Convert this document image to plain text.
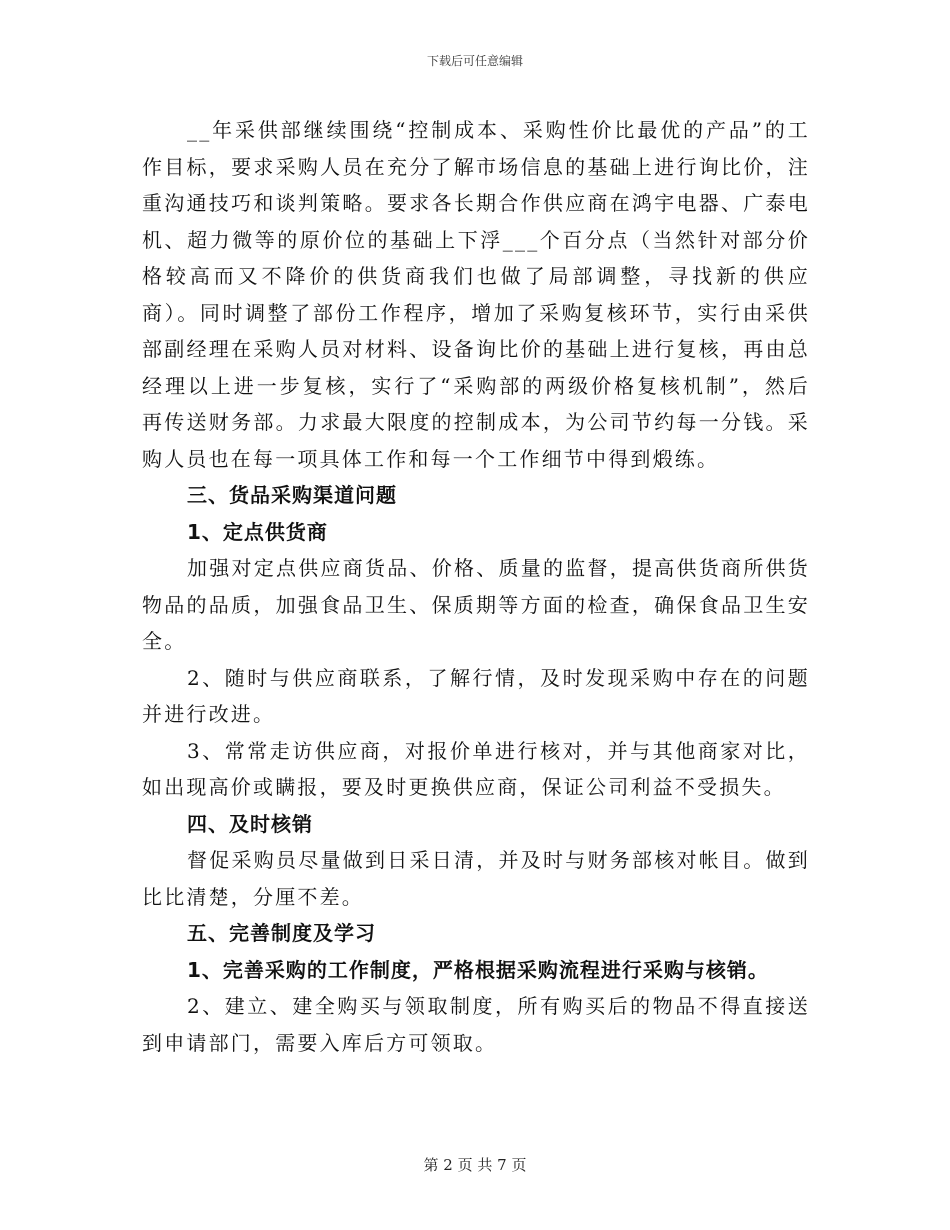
下载后可任意编辑

__年采供部继续围绕“控制成本、采购性价比最优的产品”的工作目标，要求采购人员在充分了解市场信息的基础上进行询比价，注重沟通技巧和谈判策略。要求各长期合作供应商在鸿宇电器、广泰电机、超力微等的原价位的基础上下浮___个百分点（当然针对部分价格较高而又不降价的供货商我们也做了局部调整，寻找新的供应商）。同时调整了部份工作程序，增加了采购复核环节，实行由采供部副经理在采购人员对材料、设备询比价的基础上进行复核，再由总经理以上进一步复核，实行了“采购部的两级价格复核机制”，然后再传送财务部。力求最大限度的控制成本，为公司节约每一分钱。采购人员也在每一项具体工作和每一个工作细节中得到煅练。

三、货品采购渠道问题

1、定点供货商

加强对定点供应商货品、价格、质量的监督，提高供货商所供货物品的品质，加强食品卫生、保质期等方面的检查，确保食品卫生安全。

2、随时与供应商联系，了解行情，及时发现采购中存在的问题并进行改进。

3、常常走访供应商，对报价单进行核对，并与其他商家对比，如出现高价或瞒报，要及时更换供应商，保证公司利益不受损失。

四、及时核销

督促采购员尽量做到日采日清，并及时与财务部核对帐目。做到比比清楚，分厘不差。

五、完善制度及学习

1、完善采购的工作制度，严格根据采购流程进行采购与核销。

2、建立、建全购买与领取制度，所有购买后的物品不得直接送到申请部门，需要入库后方可领取。

第 2 页 共 7 页
